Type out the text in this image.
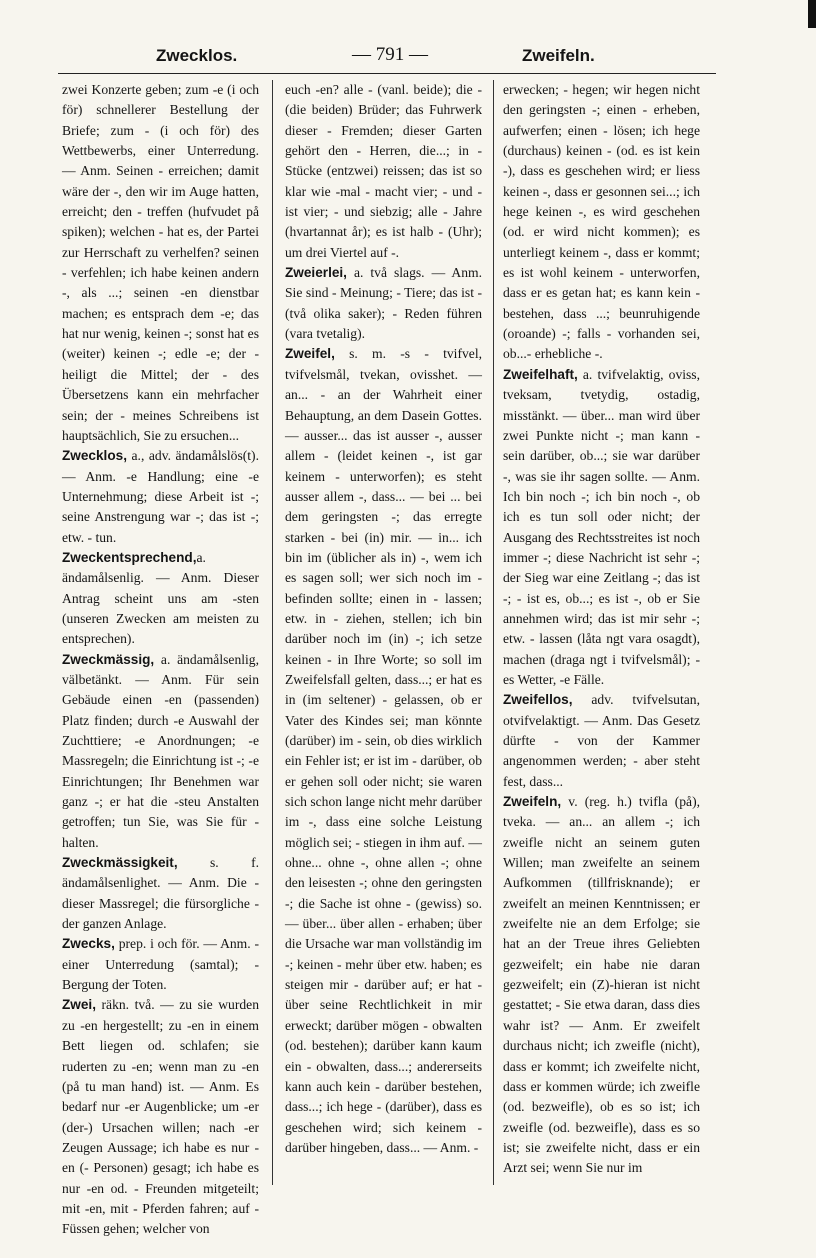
Zwecklos.	— 791 —	Zweifeln.

zwei Konzerte geben; zum -e (i och för) schnellerer Bestellung der Briefe; zum - (i och för) des Wettbewerbs, einer Unterredung. — Anm. Seinen - erreichen; damit wäre der -, den wir im Auge hatten, erreicht; den - treffen (hufvudet på spiken); welchen - hat es, der Partei zur Herrschaft zu verhelfen? seinen - verfehlen; ich habe keinen andern -, als ...; seinen -en dienstbar machen; es entsprach dem -e; das hat nur wenig, keinen -; sonst hat es (weiter) keinen -; edle -e; der - heiligt die Mittel; der - des Übersetzens kann ein mehrfacher sein; der - meines Schreibens ist hauptsächlich, Sie zu ersuchen...

Zwecklos, a., adv. ändamålslös(t). — Anm. -e Handlung; eine -e Unternehmung; diese Arbeit ist -; seine Anstrengung war -; das ist -; etw. - tun.

Zweckentsprechend,a. ändamålsenlig. — Anm. Dieser Antrag scheint uns am -sten (unseren Zwecken am meisten zu entsprechen).

Zweckmässig, a. ändamålsenlig, välbetänkt. — Anm. Für sein Gebäude einen -en (passenden) Platz finden; durch -e Auswahl der Zuchttiere; -e Anordnungen; -e Massregeln; die Einrichtung ist -; -e Einrichtungen; Ihr Benehmen war ganz -; er hat die -steu Anstalten getroffen; tun Sie, was Sie für - halten.

Zweckmässigkeit, s. f. ändamålsenlighet. — Anm. Die - dieser Massregel; die fürsorgliche - der ganzen Anlage.

Zwecks, prep. i och för. — Anm. - einer Unterredung (samtal); - Bergung der Toten.

Zwei, räkn. två. — zu sie wurden zu -en hergestellt; zu -en in einem Bett liegen od. schlafen; sie ruderten zu -en; wenn man zu -en (på tu man hand) ist. — Anm. Es bedarf nur -er Augenblicke; um -er (der-) Ursachen willen; nach -er Zeugen Aussage; ich habe es nur -en (- Personen) gesagt; ich habe es nur -en od. - Freunden mitgeteilt; mit -en, mit - Pferden fahren; auf - Füssen gehen; welcher von

euch -en? alle - (vanl. beide); die - (die beiden) Brüder; das Fuhrwerk dieser - Fremden; dieser Garten gehört den - Herren, die...; in - Stücke (entzwei) reissen; das ist so klar wie -mal - macht vier; - und - ist vier; - und siebzig; alle - Jahre (hvartannat år); es ist halb - (Uhr); um drei Viertel auf -.

Zweierlei, a. två slags. — Anm. Sie sind - Meinung; - Tiere; das ist - (två olika saker); - Reden führen (vara tvetalig).

Zweifel, s. m. -s - tvifvel, tvifvelsmål, tvekan, ovisshet. — an... - an der Wahrheit einer Behauptung, an dem Dasein Gottes. — ausser... das ist ausser -, ausser allem - (leidet keinen -, ist gar keinem - unterworfen); es steht ausser allem -, dass... — bei ... bei dem geringsten -; das erregte starken - bei (in) mir. — in... ich bin im (üblicher als in) -, wem ich es sagen soll; wer sich noch im - befinden sollte; einen in - lassen; etw. in - ziehen, stellen; ich bin darüber noch im (in) -; ich setze keinen - in Ihre Worte; so soll im Zweifelsfall gelten, dass...; er hat es in (im seltener) - gelassen, ob er Vater des Kindes sei; man könnte (darüber) im - sein, ob dies wirklich ein Fehler ist; er ist im - darüber, ob er gehen soll oder nicht; sie waren sich schon lange nicht mehr darüber im -, dass eine solche Leistung möglich sei; - stiegen in ihm auf. — ohne... ohne -, ohne allen -; ohne den leisesten -; ohne den geringsten -; die Sache ist ohne - (gewiss) so. — über... über allen - erhaben; über die Ursache war man vollständig im -; keinen - mehr über etw. haben; es steigen mir - darüber auf; er hat - über seine Rechtlichkeit in mir erweckt; darüber mögen - obwalten (od. bestehen); darüber kann kaum ein - obwalten, dass...; andererseits kann auch kein - darüber bestehen, dass...; ich hege - (darüber), dass es geschehen wird; sich keinem - darüber hingeben, dass... — Anm. -

erwecken; - hegen; wir hegen nicht den geringsten -; einen - erheben, aufwerfen; einen - lösen; ich hege (durchaus) keinen - (od. es ist kein -), dass es geschehen wird; er liess keinen -, dass er gesonnen sei...; ich hege keinen -, es wird geschehen (od. er wird nicht kommen); es unterliegt keinem -, dass er kommt; es ist wohl keinem - unterworfen, dass er es getan hat; es kann kein - bestehen, dass ...; beunruhigende (oroande) -; falls - vorhanden sei, ob...- erhebliche -.

Zweifelhaft, a. tvifvelaktig, oviss, tveksam, tvetydig, ostadig, misstänkt. — über... man wird über zwei Punkte nicht -; man kann - sein darüber, ob...; sie war darüber -, was sie ihr sagen sollte. — Anm. Ich bin noch -; ich bin noch -, ob ich es tun soll oder nicht; der Ausgang des Rechtsstreites ist noch immer -; diese Nachricht ist sehr -; der Sieg war eine Zeitlang -; das ist -; - ist es, ob...; es ist -, ob er Sie annehmen wird; das ist mir sehr -; etw. - lassen (låta ngt vara osagdt), machen (draga ngt i tvifvelsmål); -es Wetter, -e Fälle.

Zweifellos, adv. tvifvelsutan, otvifvelaktigt. — Anm. Das Gesetz dürfte - von der Kammer angenommen werden; - aber steht fest, dass...

Zweifeln, v. (reg. h.) tvifla (på), tveka. — an... an allem -; ich zweifle nicht an seinem guten Willen; man zweifelte an seinem Aufkommen (tillfrisknande); er zweifelt an meinen Kenntnissen; er zweifelte nie an dem Erfolge; sie hat an der Treue ihres Geliebten gezweifelt; ein habe nie daran gezweifelt; ein (Z)-hieran ist nicht gestattet; - Sie etwa daran, dass dies wahr ist? — Anm. Er zweifelt durchaus nicht; ich zweifle (nicht), dass er kommt; ich zweifelte nicht, dass er kommen würde; ich zweifle (od. bezweifle), ob es so ist; ich zweifle (od. bezweifle), dass es so ist; sie zweifelte nicht, dass er ein Arzt sei; wenn Sie nur im
